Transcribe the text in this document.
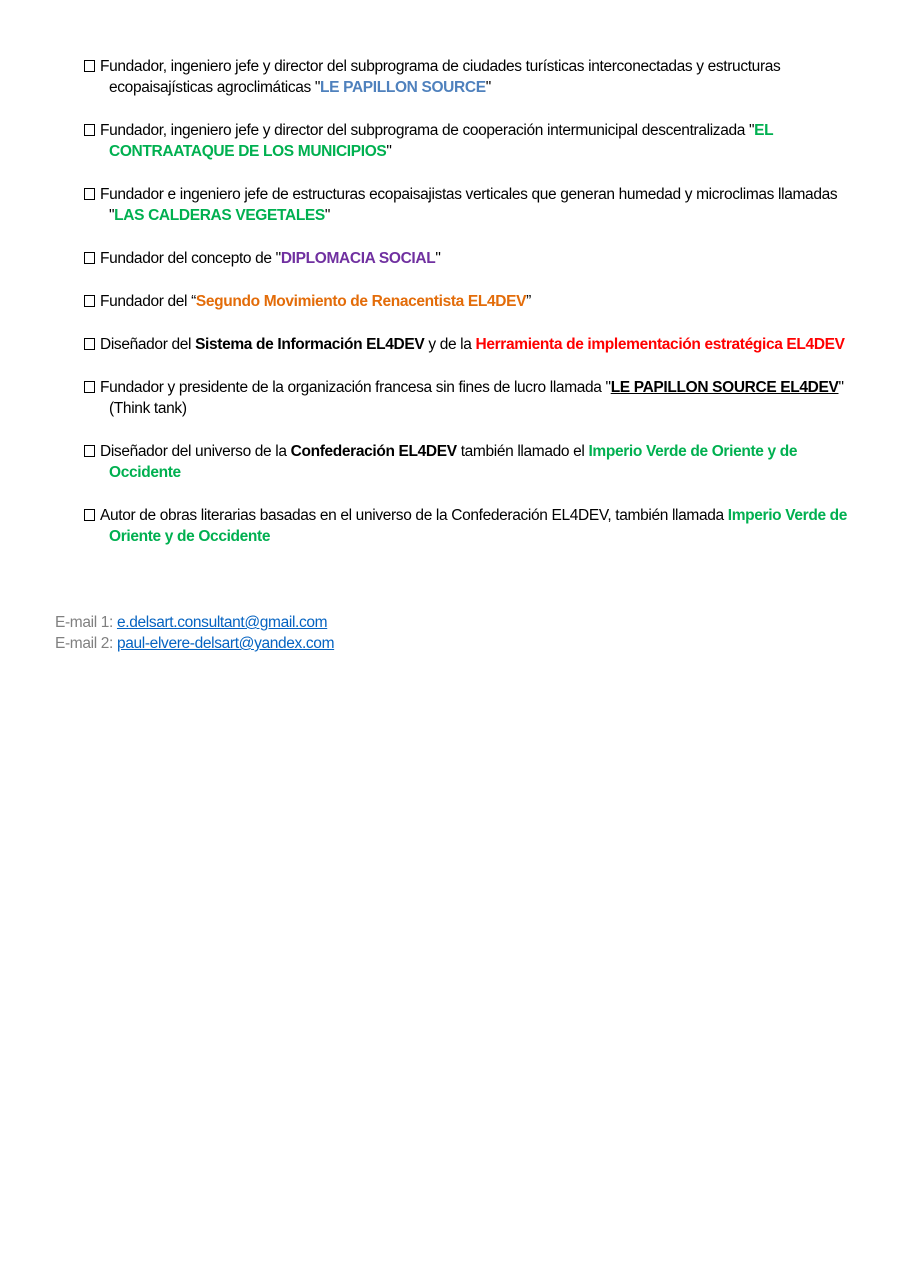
Fundador, ingeniero jefe y director del subprograma de ciudades turísticas interconectadas y estructuras ecopaisajísticas agroclimáticas "LE PAPILLON SOURCE"
Fundador, ingeniero jefe y director del subprograma de cooperación intermunicipal descentralizada "EL CONTRAATAQUE DE LOS MUNICIPIOS"
Fundador e ingeniero jefe de estructuras ecopaisajistas verticales que generan humedad y microclimas llamadas "LAS CALDERAS VEGETALES"
Fundador del concepto de "DIPLOMACIA SOCIAL"
Fundador del “Segundo Movimiento de Renacentista EL4DEV”
Diseñador del Sistema de Información EL4DEV y de la Herramienta de implementación estratégica EL4DEV
Fundador y presidente de la organización francesa sin fines de lucro llamada "LE PAPILLON SOURCE EL4DEV" (Think tank)
Diseñador del universo de la Confederación EL4DEV también llamado el Imperio Verde de Oriente y de Occidente
Autor de obras literarias basadas en el universo de la Confederación EL4DEV, también llamada Imperio Verde de Oriente y de Occidente
E-mail 1: e.delsart.consultant@gmail.com
E-mail 2: paul-elvere-delsart@yandex.com
